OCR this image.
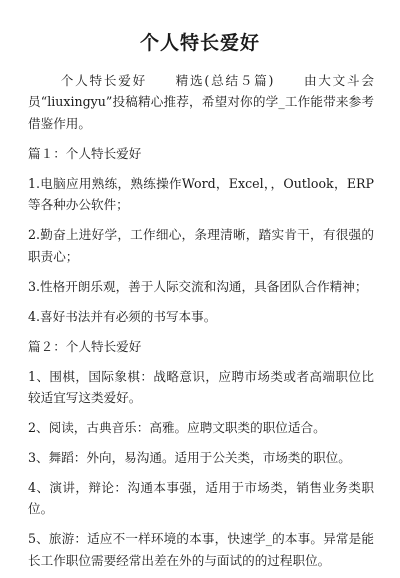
个人特长爱好

个人特长爱好　　精选(总结５篇)　　由大文斗会员“liuxingyu”投稿精心推荐，希望对你的学_工作能带来参考借鉴作用。

篇１：个人特长爱好

1.电脑应用熟练，熟练操作Word，Excel，，Outlook，ERP等各种办公软件；

2.勤奋上进好学，工作细心，条理清晰，踏实肯干，有很强的职责心；

3.性格开朗乐观，善于人际交流和沟通，具备团队合作精神；

4.喜好书法并有必须的书写本事。

篇２：个人特长爱好

1、围棋，国际象棋：战略意识，应聘市场类或者高端职位比较适宜写这类爱好。

2、阅读，古典音乐：高雅。应聘文职类的职位适合。

3、舞蹈：外向，易沟通。适用于公关类，市场类的职位。

4、演讲，辩论：沟通本事强，适用于市场类，销售业务类职位。

5、旅游：适应不一样环境的本事，快速学_的本事。异常是能长工作职位需要经常出差在外的与面试的的过程职位。
